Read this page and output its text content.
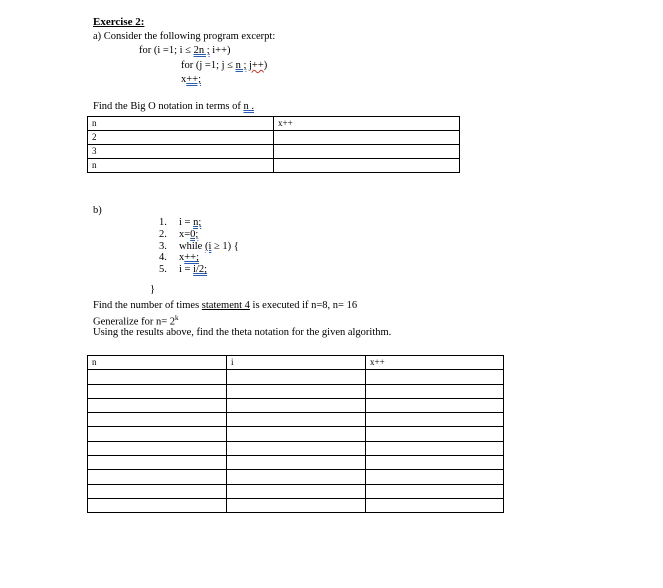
Exercise 2:
a) Consider the following program excerpt:
for (i =1; i ≤ 2n ; i++)
for (j =1; j ≤ n ; j++)
x++;
Find the Big O notation in terms of n .
n	x++
2	
3	
n	
b)
1. i = n;
2. x=0;
3. while (i ≥ 1) {
4. x++;
5. i = i/2;
}
Find the number of times statement 4 is executed if n=8, n= 16
Generalize for $n= 2^k$
Using the results above, find the theta notation for the given algorithm.
n	i	x++
